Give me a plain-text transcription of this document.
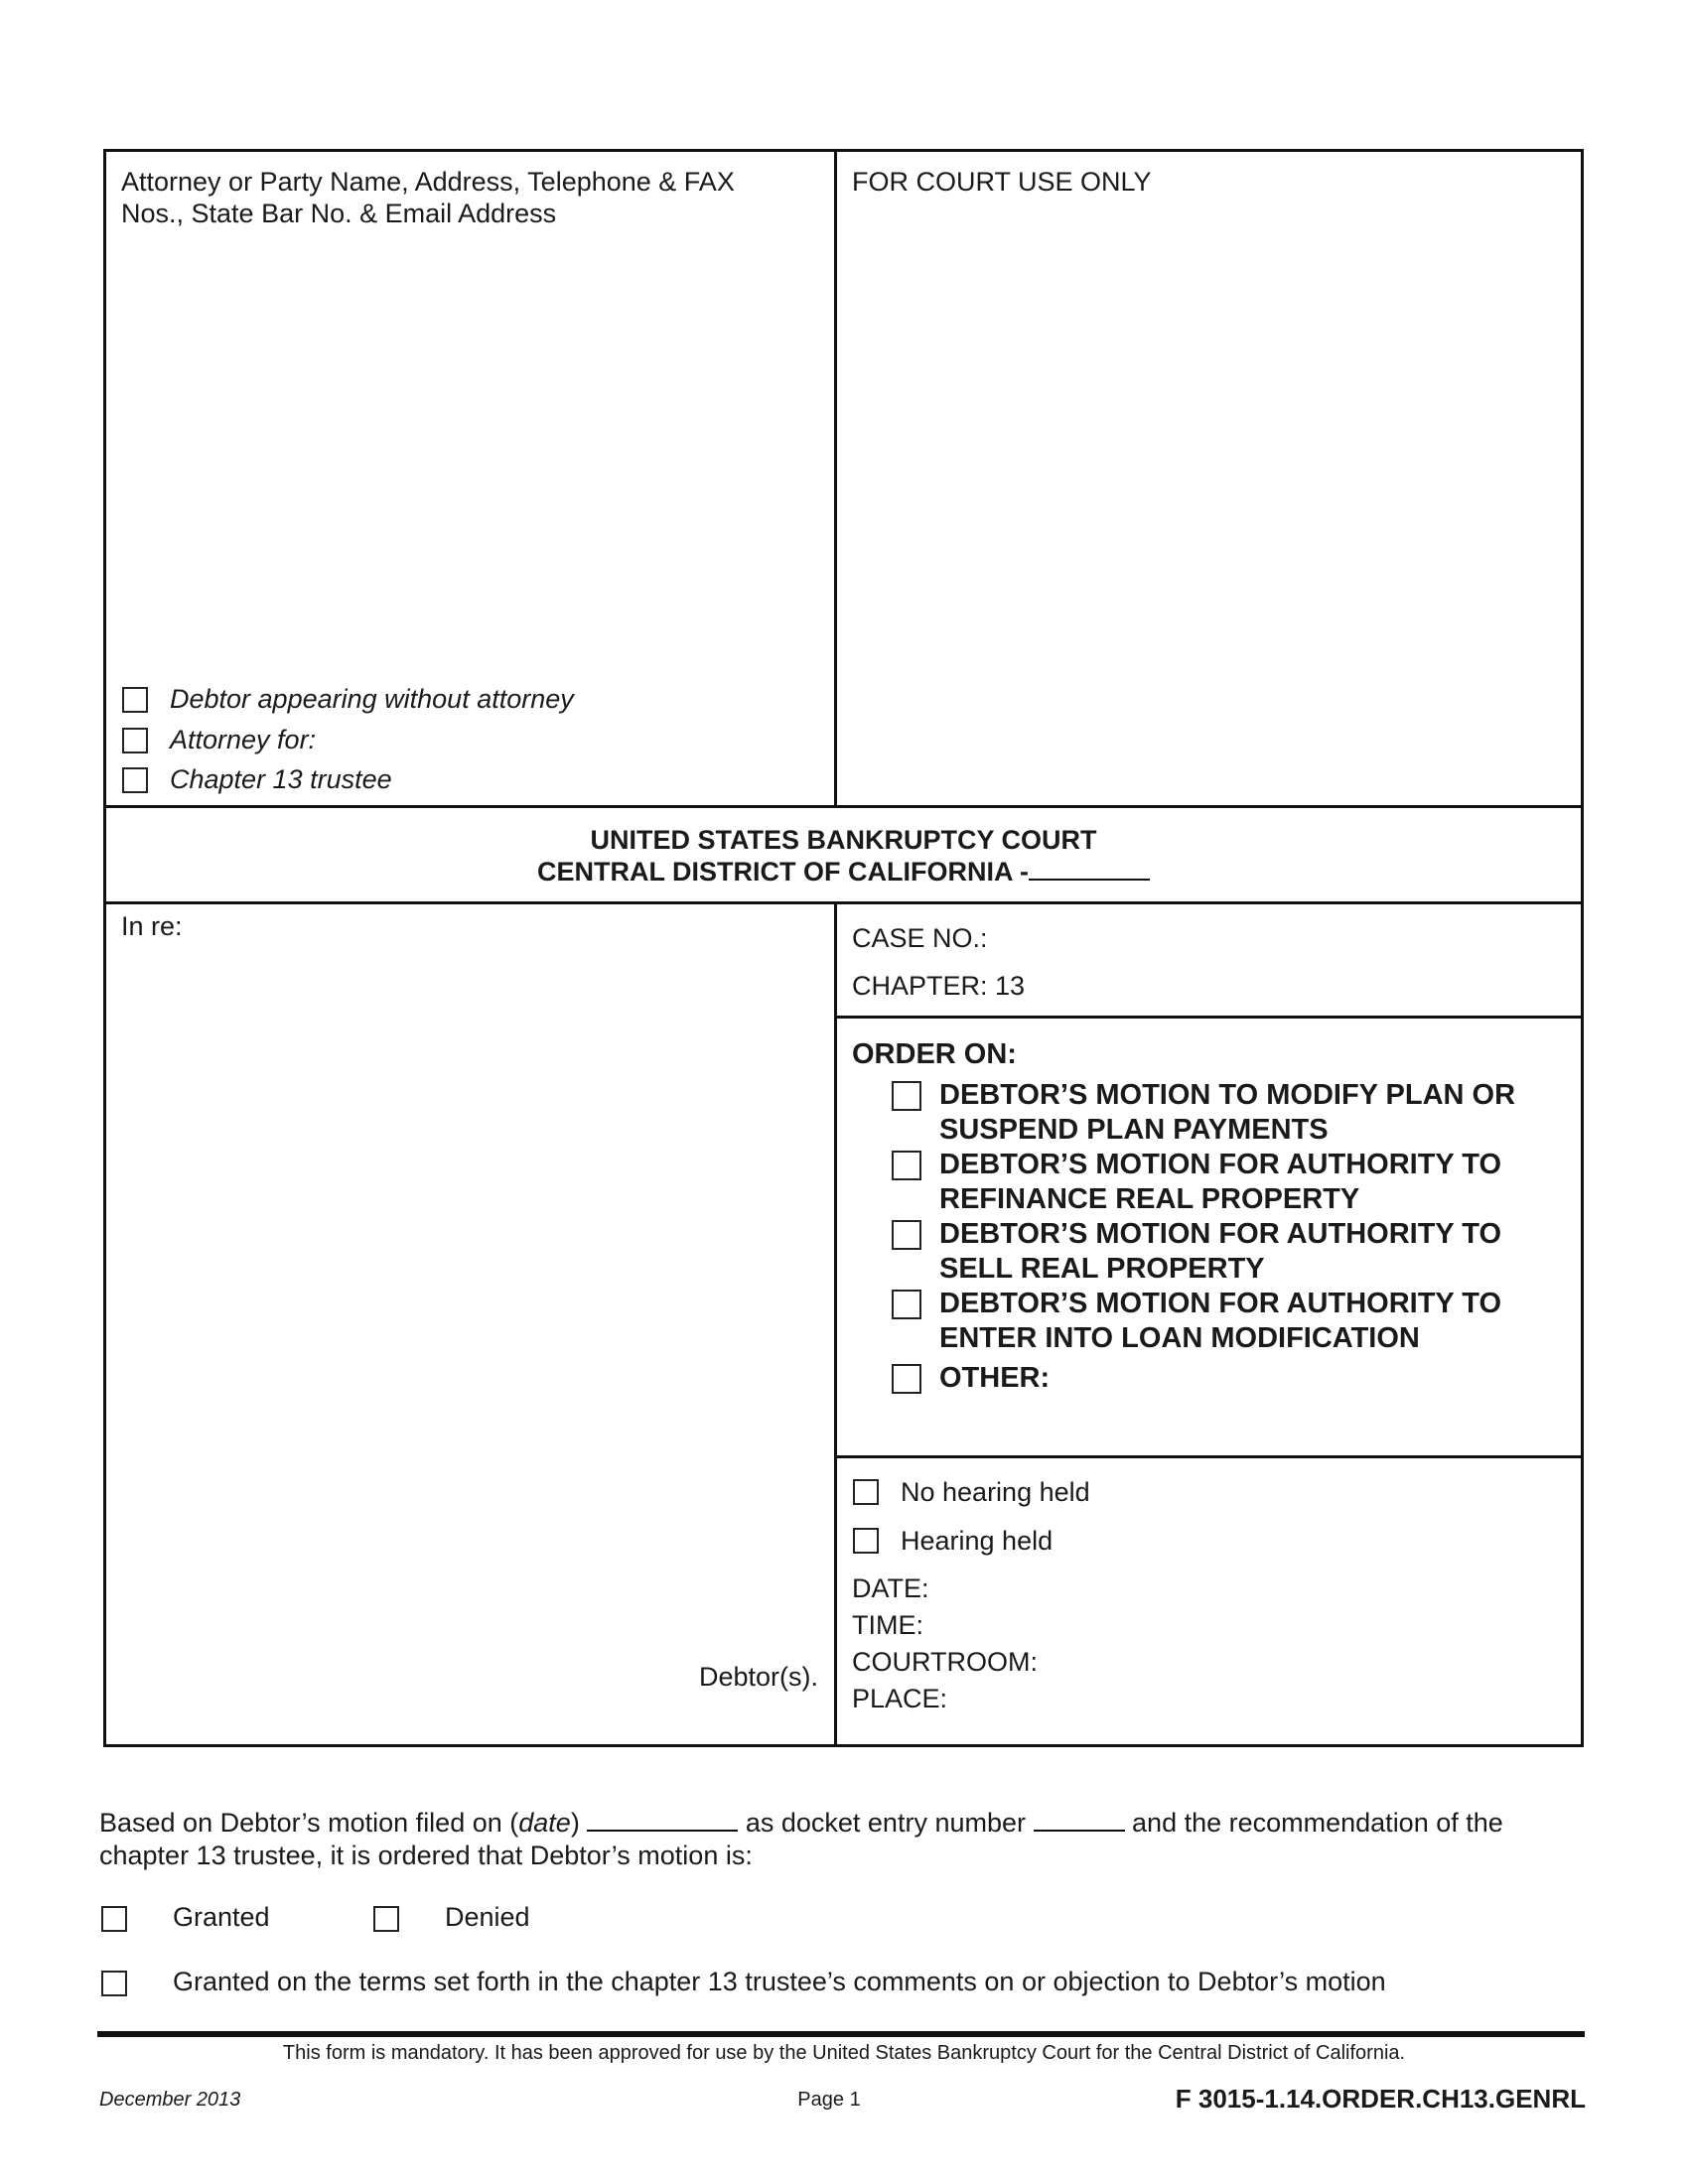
Attorney or Party Name, Address, Telephone & FAX
Nos., State Bar No. & Email Address
Debtor appearing without attorney
Attorney for:
Chapter 13 trustee
FOR COURT USE ONLY
UNITED STATES BANKRUPTCY COURT
CENTRAL DISTRICT OF CALIFORNIA -
In re:
Debtor(s).
CASE NO.:
CHAPTER: 13
ORDER ON:
DEBTOR’S MOTION TO MODIFY PLAN OR
SUSPEND PLAN PAYMENTS
DEBTOR’S MOTION FOR AUTHORITY TO
REFINANCE REAL PROPERTY
DEBTOR’S MOTION FOR AUTHORITY TO
SELL REAL PROPERTY
DEBTOR’S MOTION FOR AUTHORITY TO
ENTER INTO LOAN MODIFICATION
OTHER:
No hearing held
Hearing held
DATE:
TIME:
COURTROOM:
PLACE:
Based on Debtor’s motion filed on (date)	as docket entry number	and the recommendation of the
chapter 13 trustee, it is ordered that Debtor’s motion is:
Granted	Denied
Granted on the terms set forth in the chapter 13 trustee’s comments on or objection to Debtor’s motion
This form is mandatory. It has been approved for use by the United States Bankruptcy Court for the Central District of California.
December 2013	Page 1	F 3015-1.14.ORDER.CH13.GENRL
